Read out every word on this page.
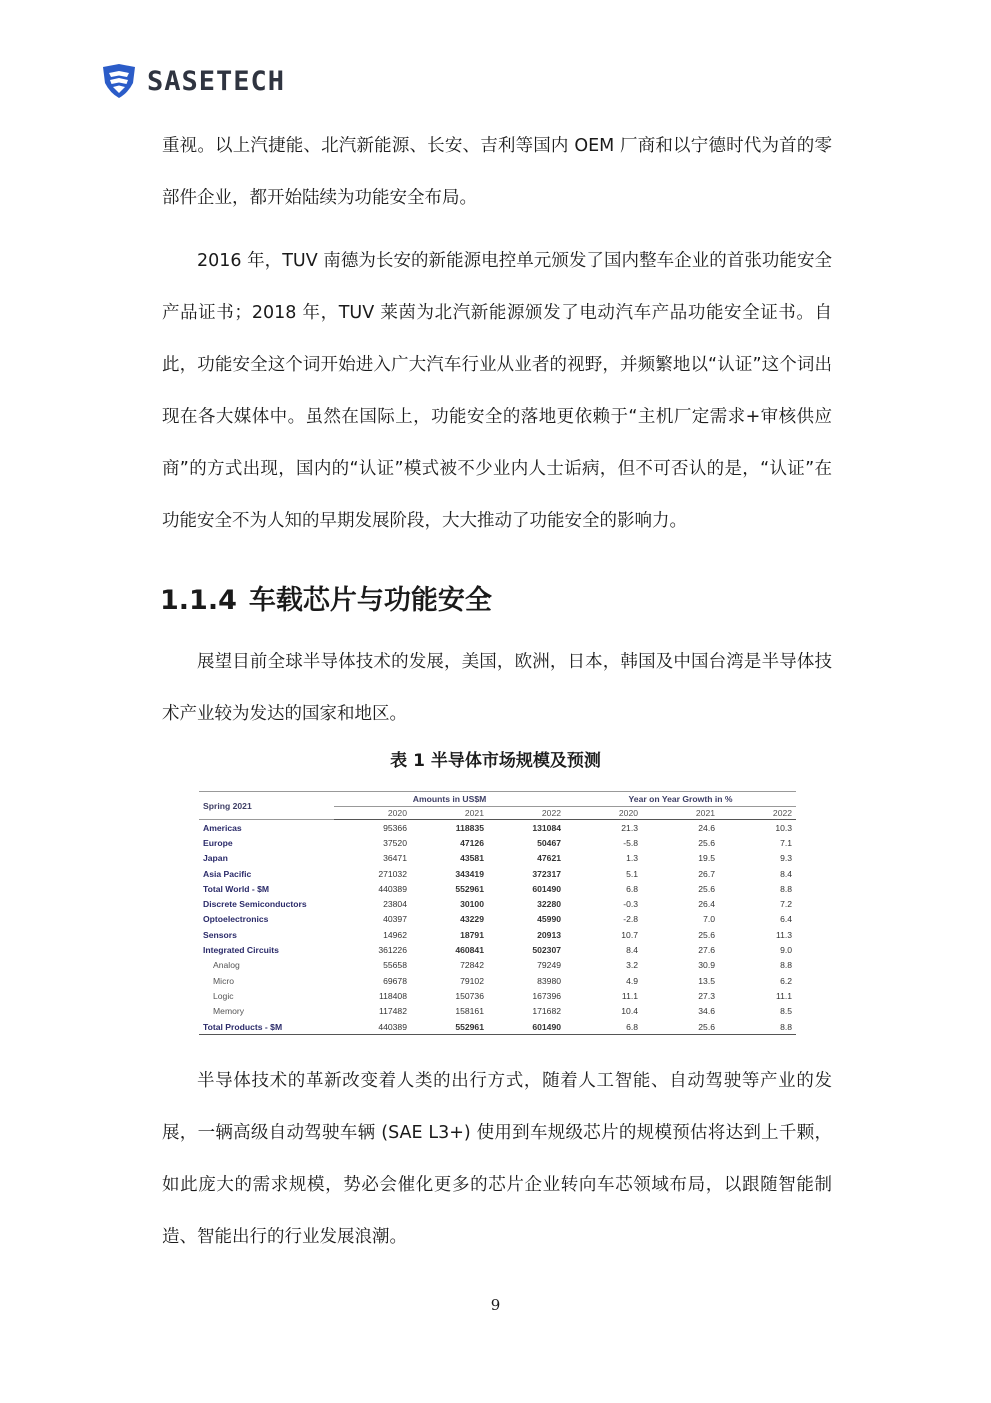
SASETECH

重视。以上汽捷能、北汽新能源、长安、吉利等国内 OEM 厂商和以宁德时代为首的零部件企业，都开始陆续为功能安全布局。

2016 年，TUV 南德为长安的新能源电控单元颁发了国内整车企业的首张功能安全产品证书；2018 年，TUV 莱茵为北汽新能源颁发了电动汽车产品功能安全证书。自此，功能安全这个词开始进入广大汽车行业从业者的视野，并频繁地以“认证”这个词出现在各大媒体中。虽然在国际上，功能安全的落地更依赖于“主机厂定需求+审核供应商”的方式出现，国内的“认证”模式被不少业内人士诟病，但不可否认的是，“认证”在功能安全不为人知的早期发展阶段，大大推动了功能安全的影响力。

1.1.4 车载芯片与功能安全

展望目前全球半导体技术的发展，美国，欧洲，日本，韩国及中国台湾是半导体技术产业较为发达的国家和地区。

表 1 半导体市场规模及预测

Spring 2021	Amounts in US$M			Year on Year Growth in %		
	2020	2021	2022	2020	2021	2022
Americas	95366	118835	131084	21.3	24.6	10.3
Europe	37520	47126	50467	-5.8	25.6	7.1
Japan	36471	43581	47621	1.3	19.5	9.3
Asia Pacific	271032	343419	372317	5.1	26.7	8.4
Total World - $M	440389	552961	601490	6.8	25.6	8.8
Discrete Semiconductors	23804	30100	32280	-0.3	26.4	7.2
Optoelectronics	40397	43229	45990	-2.8	7.0	6.4
Sensors	14962	18791	20913	10.7	25.6	11.3
Integrated Circuits	361226	460841	502307	8.4	27.6	9.0
Analog	55658	72842	79249	3.2	30.9	8.8
Micro	69678	79102	83980	4.9	13.5	6.2
Logic	118408	150736	167396	11.1	27.3	11.1
Memory	117482	158161	171682	10.4	34.6	8.5
Total Products - $M	440389	552961	601490	6.8	25.6	8.8

半导体技术的革新改变着人类的出行方式，随着人工智能、自动驾驶等产业的发展，一辆高级自动驾驶车辆 (SAE L3+) 使用到车规级芯片的规模预估将达到上千颗，如此庞大的需求规模，势必会催化更多的芯片企业转向车芯领域布局，以跟随智能制造、智能出行的行业发展浪潮。

9
